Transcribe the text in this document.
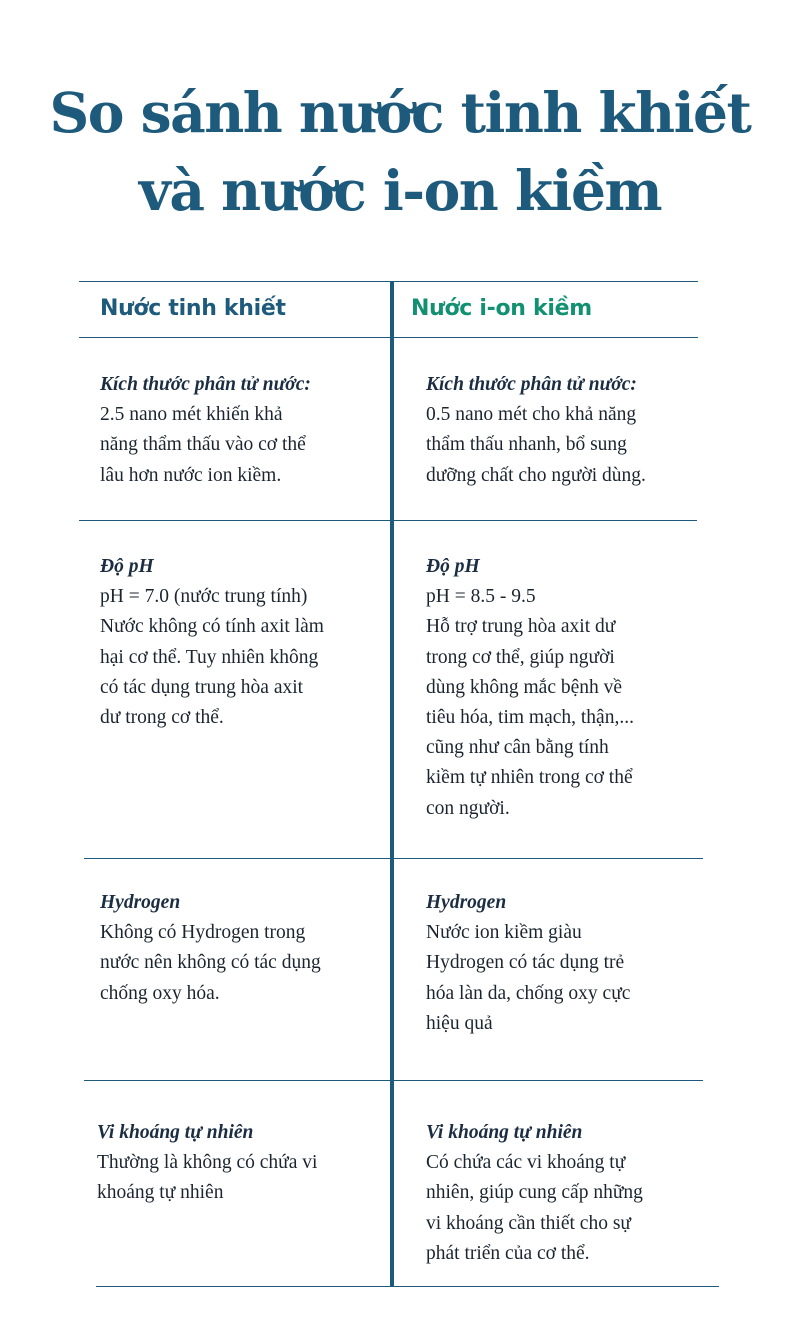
So sánh nước tinh khiết
và nước i-on kiềm
Nước tinh khiết	Nước i-on kiềm
Kích thước phân tử nước:
2.5 nano mét khiến khả
năng thẩm thấu vào cơ thể
lâu hơn nước ion kiềm.
Kích thước phân tử nước:
0.5 nano mét cho khả năng
thẩm thấu nhanh, bổ sung
dưỡng chất cho người dùng.
Độ pH
pH = 7.0 (nước trung tính)
Nước không có tính axit làm
hại cơ thể. Tuy nhiên không
có tác dụng trung hòa axit
dư trong cơ thể.
Độ pH
pH = 8.5 - 9.5
Hỗ trợ trung hòa axit dư
trong cơ thể, giúp người
dùng không mắc bệnh về
tiêu hóa, tim mạch, thận,...
cũng như cân bằng tính
kiềm tự nhiên trong cơ thể
con người.
Hydrogen
Không có Hydrogen trong
nước nên không có tác dụng
chống oxy hóa.
Hydrogen
Nước ion kiềm giàu
Hydrogen có tác dụng trẻ
hóa làn da, chống oxy cực
hiệu quả
Vi khoáng tự nhiên
Thường là không có chứa vi
khoáng tự nhiên
Vi khoáng tự nhiên
Có chứa các vi khoáng tự
nhiên, giúp cung cấp những
vi khoáng cần thiết cho sự
phát triển của cơ thể.
